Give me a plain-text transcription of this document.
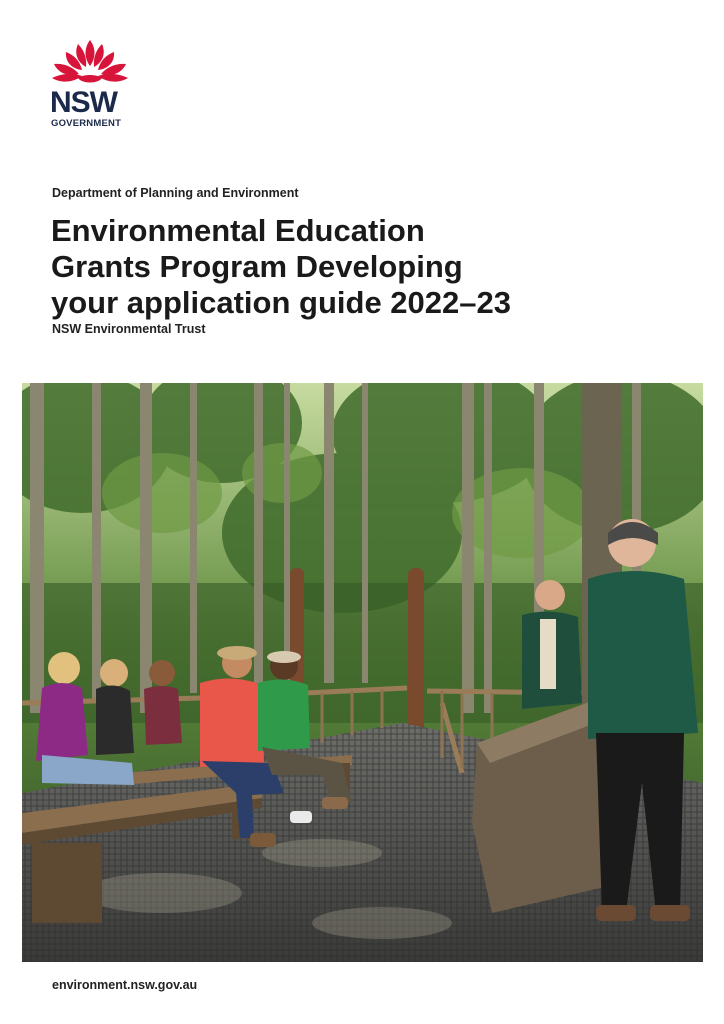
NSW
GOVERNMENT
Department of Planning and Environment
Environmental Education
Grants Program Developing
your application guide 2022–23
NSW Environmental Trust
environment.nsw.gov.au
